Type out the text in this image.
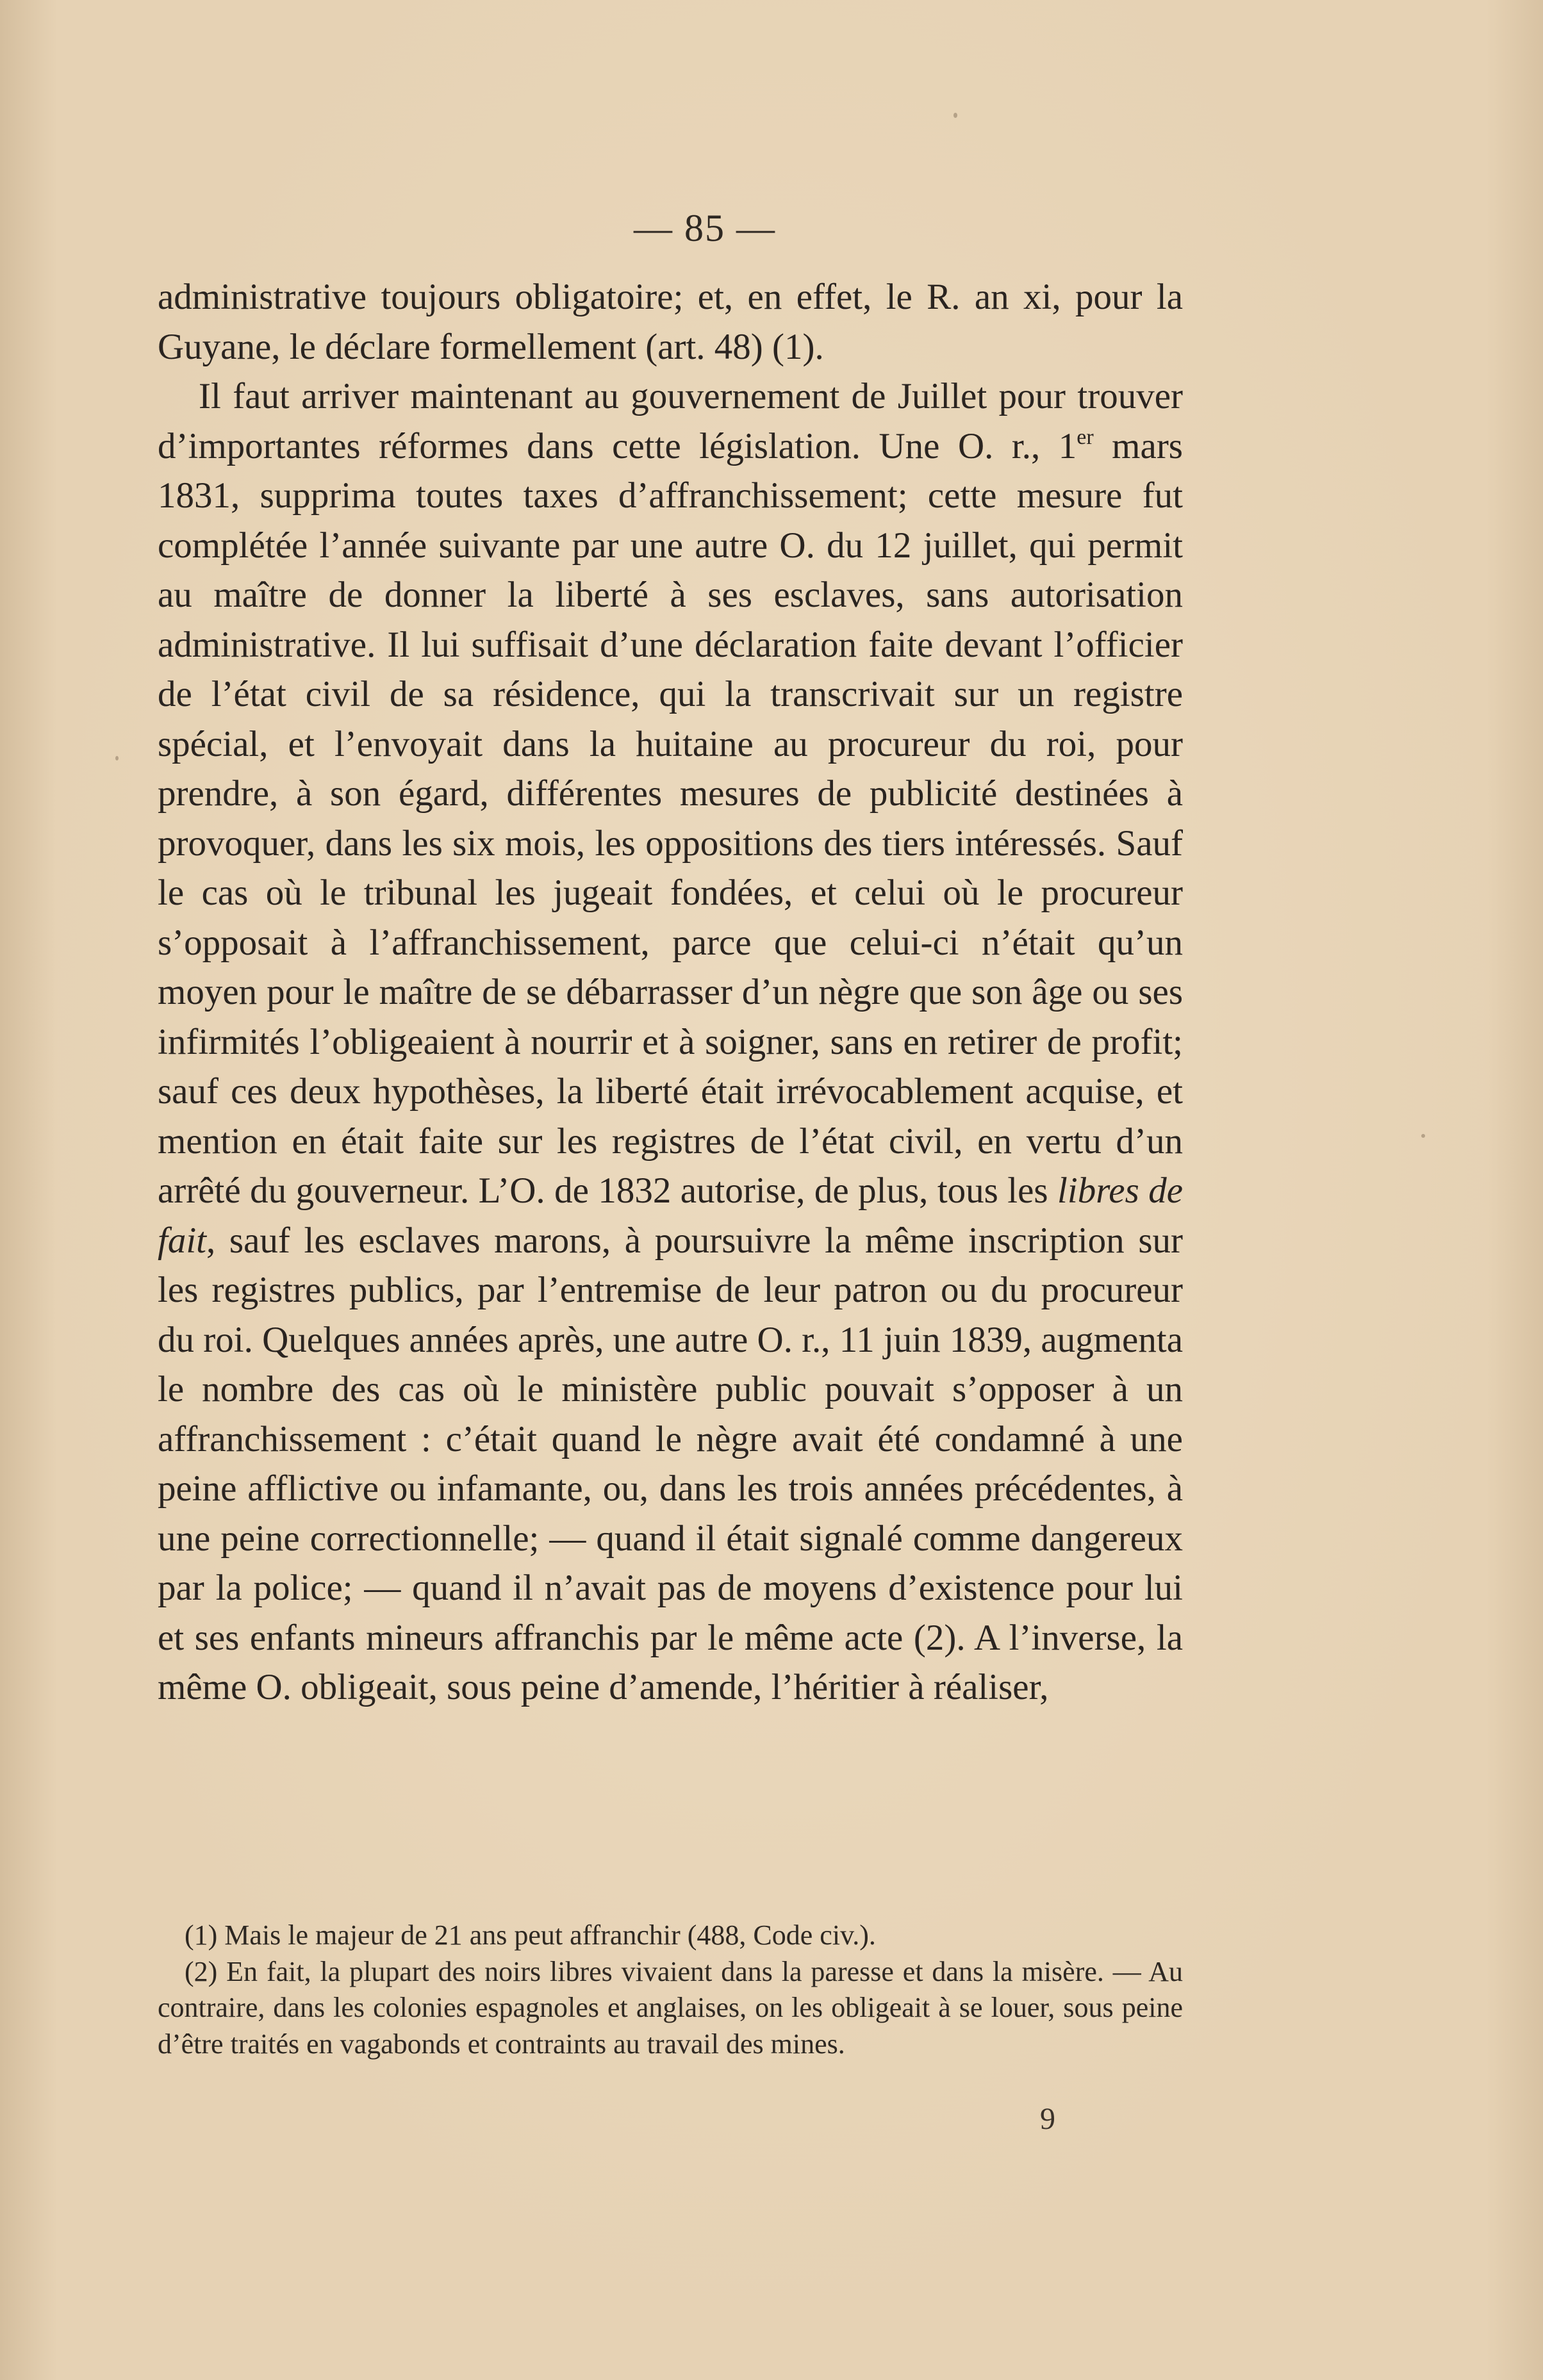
— 85 —

administrative toujours obligatoire; et, en effet, le R. an xi, pour la Guyane, le déclare formellement (art. 48) (1).

Il faut arriver maintenant au gouvernement de Juillet pour trouver d’importantes réformes dans cette législation. Une O. r., 1er mars 1831, supprima toutes taxes d’affranchissement; cette mesure fut complétée l’année suivante par une autre O. du 12 juillet, qui permit au maître de donner la liberté à ses esclaves, sans autorisation administrative. Il lui suffisait d’une déclaration faite devant l’officier de l’état civil de sa résidence, qui la transcrivait sur un registre spécial, et l’envoyait dans la huitaine au procureur du roi, pour prendre, à son égard, différentes mesures de publicité destinées à provoquer, dans les six mois, les oppositions des tiers intéressés. Sauf le cas où le tribunal les jugeait fondées, et celui où le procureur s’opposait à l’affranchissement, parce que celui-ci n’était qu’un moyen pour le maître de se débarrasser d’un nègre que son âge ou ses infirmités l’obligeaient à nourrir et à soigner, sans en retirer de profit; sauf ces deux hypothèses, la liberté était irrévocablement acquise, et mention en était faite sur les registres de l’état civil, en vertu d’un arrêté du gouverneur. L’O. de 1832 autorise, de plus, tous les libres de fait, sauf les esclaves marons, à poursuivre la même inscription sur les registres publics, par l’entremise de leur patron ou du procureur du roi. Quelques années après, une autre O. r., 11 juin 1839, augmenta le nombre des cas où le ministère public pouvait s’opposer à un affranchissement : c’était quand le nègre avait été condamné à une peine afflictive ou infamante, ou, dans les trois années précédentes, à une peine correctionnelle; — quand il était signalé comme dangereux par la police; — quand il n’avait pas de moyens d’existence pour lui et ses enfants mineurs affranchis par le même acte (2). A l’inverse, la même O. obligeait, sous peine d’amende, l’héritier à réaliser,

(1) Mais le majeur de 21 ans peut affranchir (488, Code civ.).

(2) En fait, la plupart des noirs libres vivaient dans la paresse et dans la misère. — Au contraire, dans les colonies espagnoles et anglaises, on les obligeait à se louer, sous peine d’être traités en vagabonds et contraints au travail des mines.

9
